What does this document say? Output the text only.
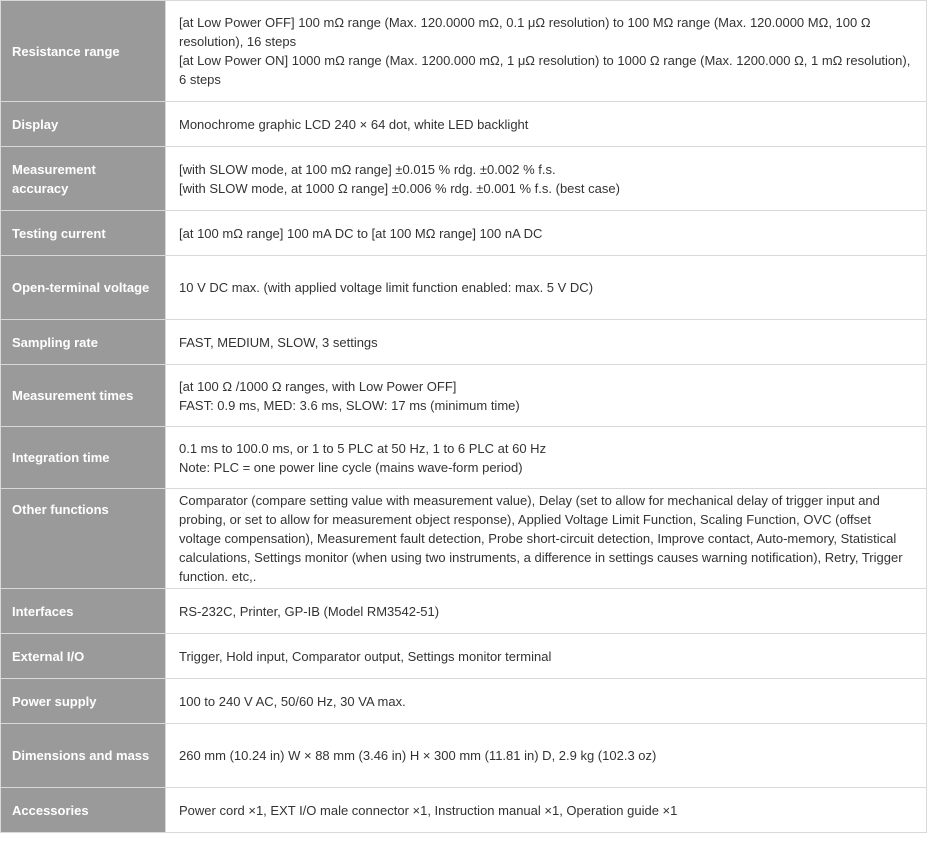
Resistance range	[at Low Power OFF] 100 mΩ range (Max. 120.0000 mΩ, 0.1 μΩ resolution) to 100 MΩ range (Max. 120.0000 MΩ, 100 Ω resolution), 16 steps
[at Low Power ON] 1000 mΩ range (Max. 1200.000 mΩ, 1 μΩ resolution) to 1000 Ω range (Max. 1200.000 Ω, 1 mΩ resolution), 6 steps

Display	Monochrome graphic LCD 240 × 64 dot, white LED backlight

Measurement accuracy	[with SLOW mode, at 100 mΩ range] ±0.015 % rdg. ±0.002 % f.s.
[with SLOW mode, at 1000 Ω range] ±0.006 % rdg. ±0.001 % f.s. (best case)

Testing current	[at 100 mΩ range] 100 mA DC to [at 100 MΩ range] 100 nA DC

Open-terminal voltage	10 V DC max. (with applied voltage limit function enabled: max. 5 V DC)

Sampling rate	FAST, MEDIUM, SLOW, 3 settings

Measurement times	[at 100 Ω /1000 Ω ranges, with Low Power OFF]
FAST: 0.9 ms, MED: 3.6 ms, SLOW: 17 ms (minimum time)

Integration time	0.1 ms to 100.0 ms, or 1 to 5 PLC at 50 Hz, 1 to 6 PLC at 60 Hz
Note: PLC = one power line cycle (mains wave-form period)

Other functions	Comparator (compare setting value with measurement value), Delay (set to allow for mechanical delay of trigger input and probing, or set to allow for measurement object response), Applied Voltage Limit Function, Scaling Function, OVC (offset voltage compensation), Measurement fault detection, Probe short-circuit detection, Improve contact, Auto-memory, Statistical calculations, Settings monitor (when using two instruments, a difference in settings causes warning notification), Retry, Trigger function. etc,.

Interfaces	RS-232C, Printer, GP-IB (Model RM3542-51)

External I/O	Trigger, Hold input, Comparator output, Settings monitor terminal

Power supply	100 to 240 V AC, 50/60 Hz, 30 VA max.

Dimensions and mass	260 mm (10.24 in) W × 88 mm (3.46 in) H × 300 mm (11.81 in) D, 2.9 kg (102.3 oz)

Accessories	Power cord ×1, EXT I/O male connector ×1, Instruction manual ×1, Operation guide ×1
